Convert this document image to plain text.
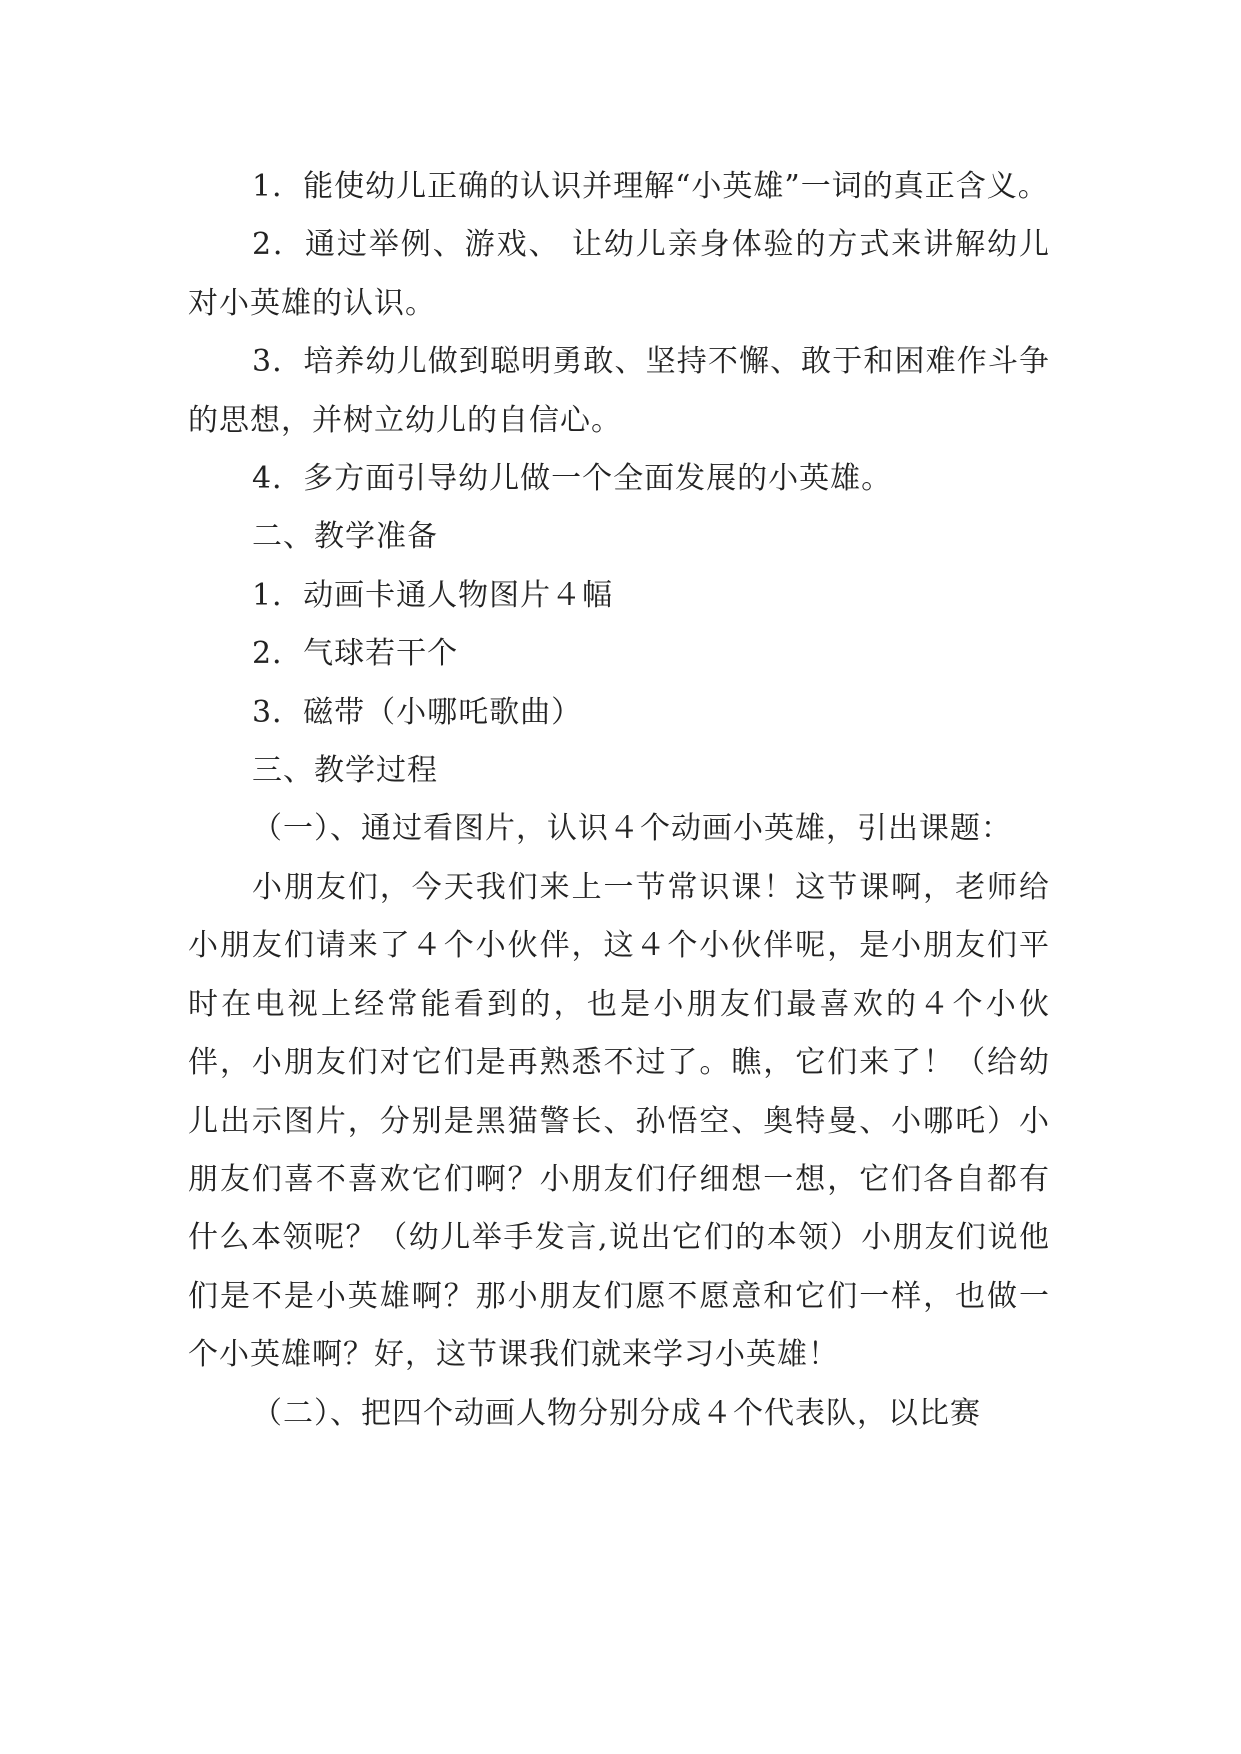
1．能使幼儿正确的认识并理解“小英雄”一词的真正含义。

2．通过举例、游戏、 让幼儿亲身体验的方式来讲解幼儿对小英雄的认识。

3．培养幼儿做到聪明勇敢、坚持不懈、敢于和困难作斗争的思想，并树立幼儿的自信心。

4．多方面引导幼儿做一个全面发展的小英雄。

二、教学准备

1．动画卡通人物图片４幅

2．气球若干个

3．磁带（小哪吒歌曲）

三、教学过程

（一）、通过看图片，认识４个动画小英雄，引出课题：

小朋友们，今天我们来上一节常识课！这节课啊，老师给小朋友们请来了４个小伙伴，这４个小伙伴呢，是小朋友们平时在电视上经常能看到的，也是小朋友们最喜欢的４个小伙伴，小朋友们对它们是再熟悉不过了。瞧，它们来了！（给幼儿出示图片，分别是黑猫警长、孙悟空、奥特曼、小哪吒）小朋友们喜不喜欢它们啊？小朋友们仔细想一想，它们各自都有什么本领呢？（幼儿举手发言,说出它们的本领）小朋友们说他们是不是小英雄啊？那小朋友们愿不愿意和它们一样，也做一个小英雄啊？好，这节课我们就来学习小英雄！

（二）、把四个动画人物分别分成４个代表队，以比赛
